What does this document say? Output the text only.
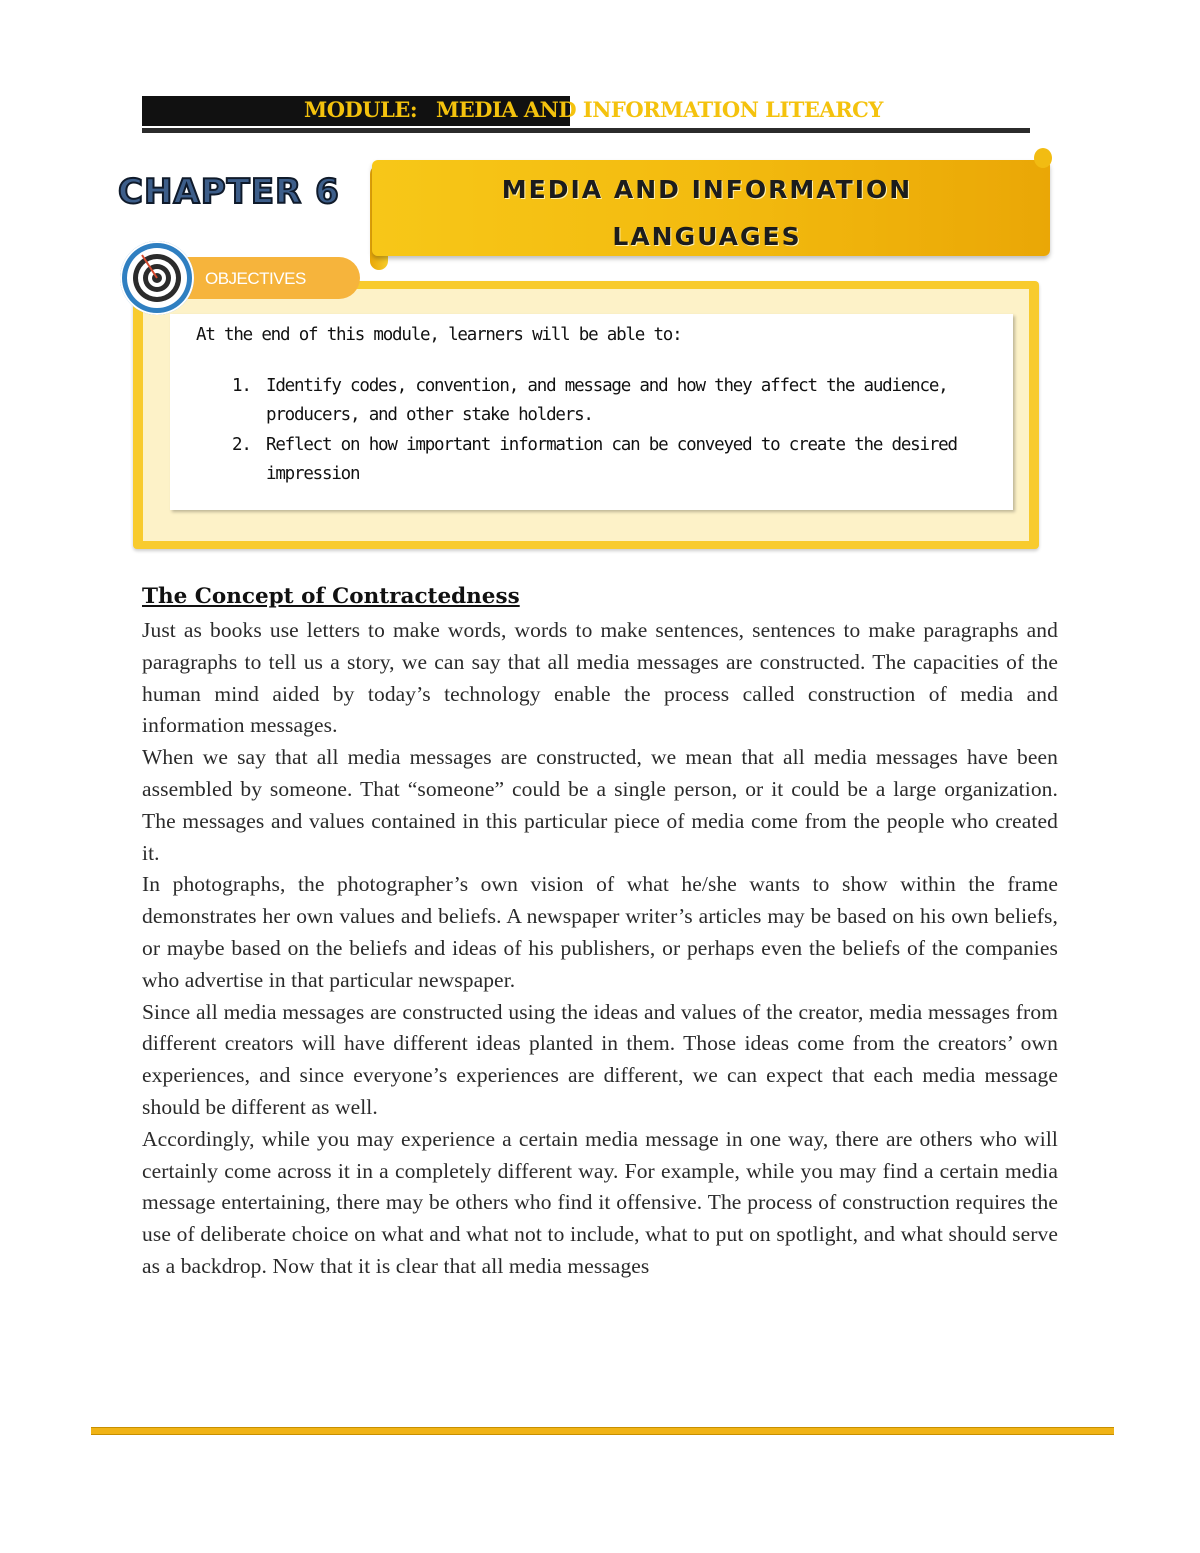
MODULE: MEDIA AND INFORMATION LITEARCY
CHAPTER 6	MEDIA AND INFORMATION
LANGUAGES
OBJECTIVES
At the end of this module, learners will be able to:
1. Identify codes, convention, and message and how they affect the audience, producers, and other stake holders.
2. Reflect on how important information can be conveyed to create the desired impression
The Concept of Contractedness

Just as books use letters to make words, words to make sentences, sentences to make paragraphs and paragraphs to tell us a story, we can say that all media messages are constructed. The capacities of the human mind aided by today’s technology enable the process called construction of media and information messages.

When we say that all media messages are constructed, we mean that all media messages have been assembled by someone. That “someone” could be a single person, or it could be a large organization. The messages and values contained in this particular piece of media come from the people who created it.

In photographs, the photographer’s own vision of what he/she wants to show within the frame demonstrates her own values and beliefs. A newspaper writer’s articles may be based on his own beliefs, or maybe based on the beliefs and ideas of his publishers, or perhaps even the beliefs of the companies who advertise in that particular newspaper.

Since all media messages are constructed using the ideas and values of the creator, media messages from different creators will have different ideas planted in them. Those ideas come from the creators’ own experiences, and since everyone’s experiences are different, we can expect that each media message should be different as well.

Accordingly, while you may experience a certain media message in one way, there are others who will certainly come across it in a completely different way. For example, while you may find a certain media message entertaining, there may be others who find it offensive. The process of construction requires the use of deliberate choice on what and what not to include, what to put on spotlight, and what should serve as a backdrop. Now that it is clear that all media messages
